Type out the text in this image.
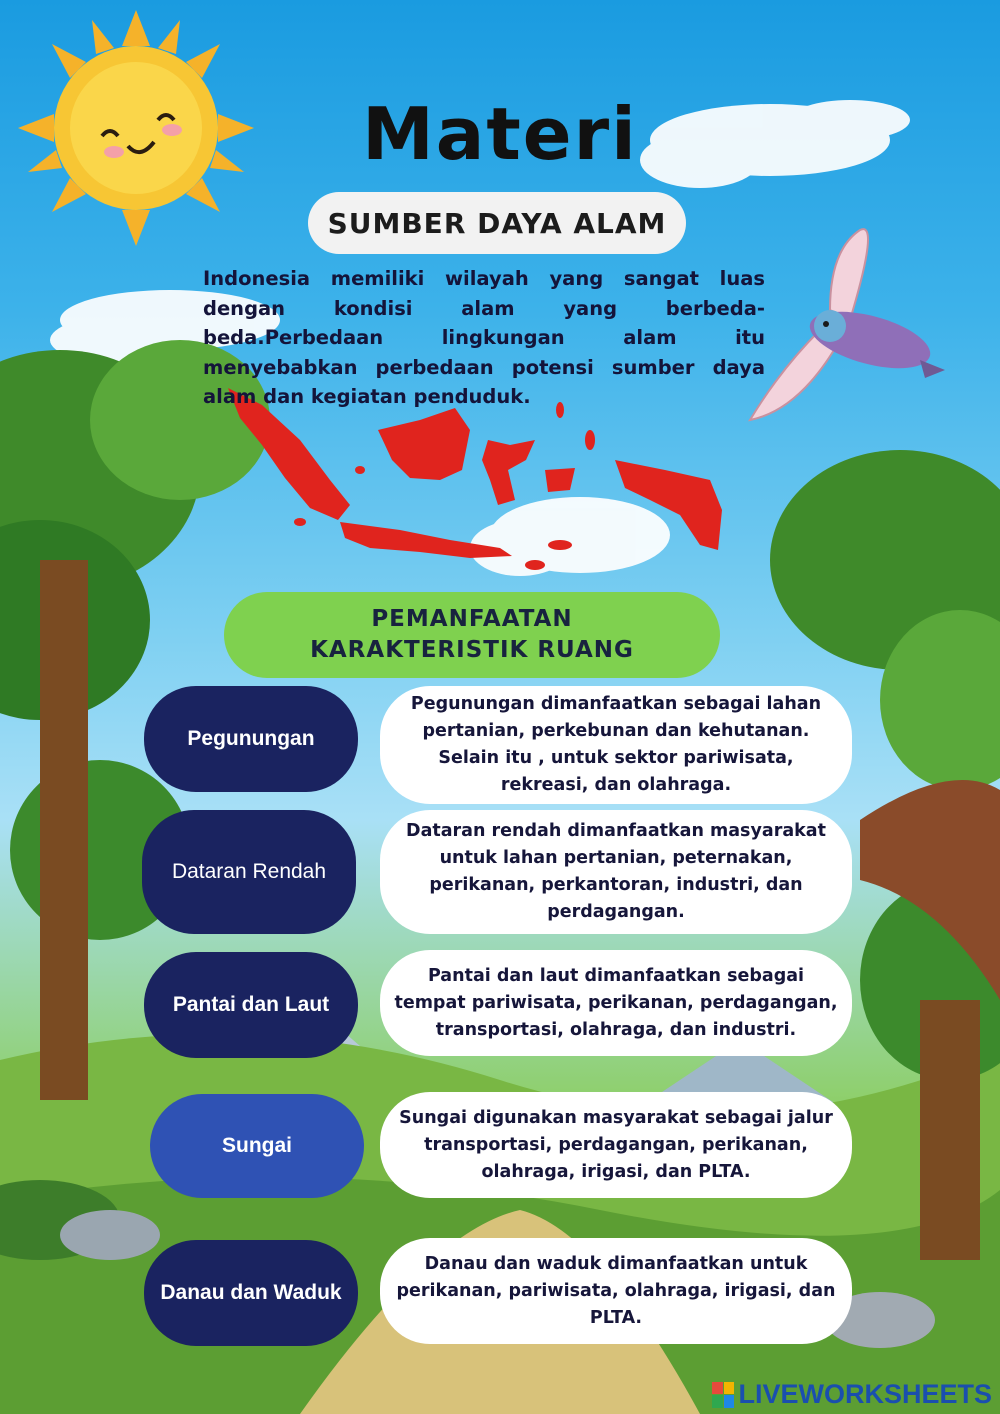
Materi
SUMBER DAYA ALAM
Indonesia memiliki wilayah yang sangat luas dengan kondisi alam yang berbeda-beda.Perbedaan lingkungan alam itu menyebabkan perbedaan potensi sumber daya alam dan kegiatan penduduk.
PEMANFAATAN
KARAKTERISTIK RUANG
Pegunungan
Pegunungan dimanfaatkan sebagai lahan pertanian, perkebunan dan kehutanan. Selain itu , untuk sektor pariwisata, rekreasi, dan olahraga.
Dataran Rendah
Dataran rendah dimanfaatkan masyarakat untuk lahan pertanian, peternakan, perikanan, perkantoran, industri, dan perdagangan.
Pantai dan Laut
Pantai dan laut dimanfaatkan sebagai tempat pariwisata, perikanan, perdagangan, transportasi, olahraga, dan industri.
Sungai
Sungai digunakan masyarakat sebagai jalur transportasi, perdagangan, perikanan, olahraga, irigasi, dan PLTA.
Danau dan Waduk
Danau dan waduk dimanfaatkan untuk perikanan, pariwisata, olahraga, irigasi, dan PLTA.
LIVEWORKSHEETS
